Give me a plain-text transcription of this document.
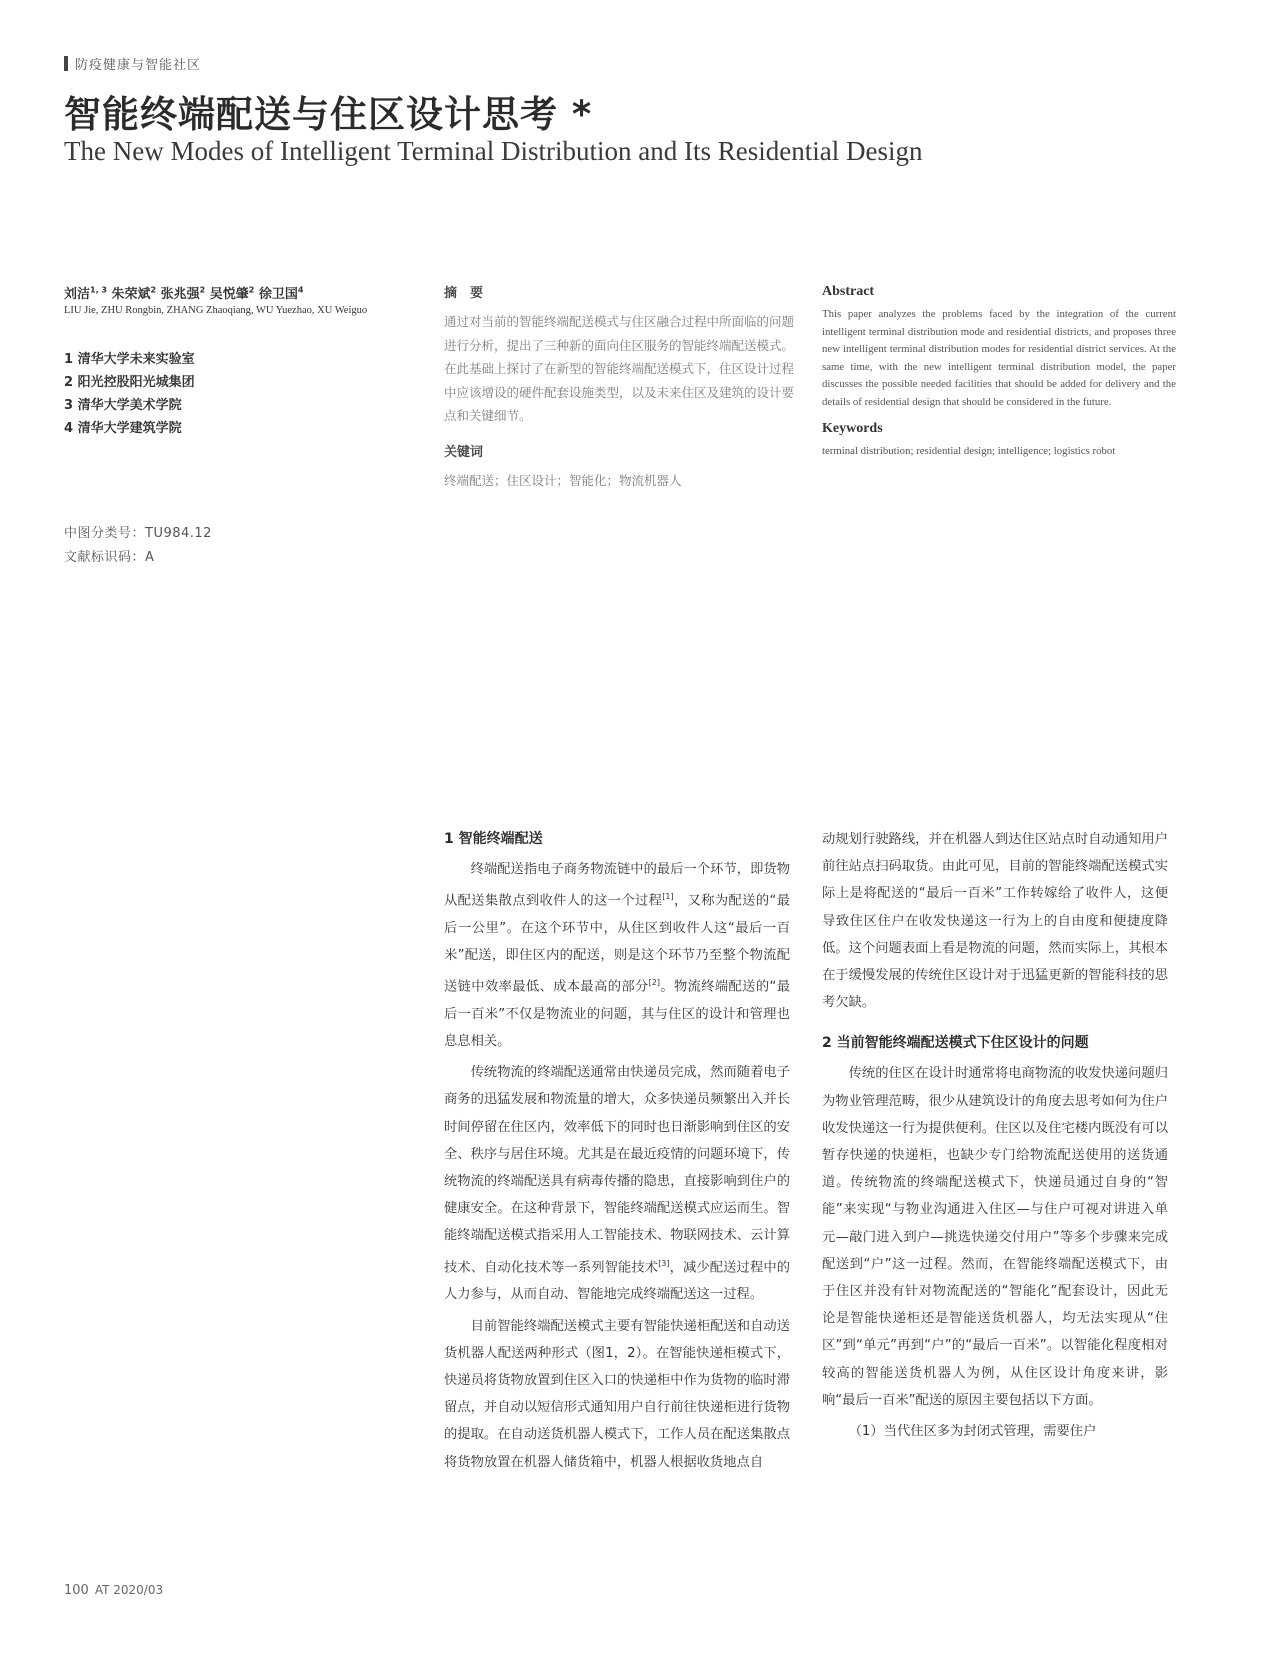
防疫健康与智能社区
智能终端配送与住区设计思考 *
The New Modes of Intelligent Terminal Distribution and Its Residential Design
刘洁$^{1, 3}$ 朱荣斌$^2$ 张兆强$^2$ 吴悦肇$^2$ 徐卫国$^4$
LIU Jie, ZHU Rongbin, ZHANG Zhaoqiang, WU Yuezhao, XU Weiguo
1 清华大学未来实验室
2 阳光控股阳光城集团
3 清华大学美术学院
4 清华大学建筑学院
中图分类号：TU984.12
文献标识码：A
摘　要

通过对当前的智能终端配送模式与住区融合过程中所面临的问题进行分析，提出了三种新的面向住区服务的智能终端配送模式。在此基础上探讨了在新型的智能终端配送模式下，住区设计过程中应该增设的硬件配套设施类型，以及未来住区及建筑的设计要点和关键细节。

关键词

终端配送；住区设计；智能化；物流机器人

Abstract

This paper analyzes the problems faced by the integration of the current intelligent terminal distribution mode and residential districts, and proposes three new intelligent terminal distribution modes for residential district services. At the same time, with the new intelligent terminal distribution model, the paper discusses the possible needed facilities that should be added for delivery and the details of residential design that should be considered in the future.

Keywords

terminal distribution; residential design; intelligence; logistics robot

1 智能终端配送

终端配送指电子商务物流链中的最后一个环节，即货物从配送集散点到收件人的这一个过程[1]，又称为配送的“最后一公里”。在这个环节中，从住区到收件人这“最后一百米”配送，即住区内的配送，则是这个环节乃至整个物流配送链中效率最低、成本最高的部分[2]。物流终端配送的“最后一百米”不仅是物流业的问题，其与住区的设计和管理也息息相关。

传统物流的终端配送通常由快递员完成，然而随着电子商务的迅猛发展和物流量的增大，众多快递员频繁出入并长时间停留在住区内，效率低下的同时也日渐影响到住区的安全、秩序与居住环境。尤其是在最近疫情的问题环境下，传统物流的终端配送具有病毒传播的隐患，直接影响到住户的健康安全。在这种背景下，智能终端配送模式应运而生。智能终端配送模式指采用人工智能技术、物联网技术、云计算技术、自动化技术等一系列智能技术[3]，减少配送过程中的人力参与，从而自动、智能地完成终端配送这一过程。

目前智能终端配送模式主要有智能快递柜配送和自动送货机器人配送两种形式（图1，2）。在智能快递柜模式下，快递员将货物放置到住区入口的快递柜中作为货物的临时滞留点，并自动以短信形式通知用户自行前往快递柜进行货物的提取。在自动送货机器人模式下，工作人员在配送集散点将货物放置在机器人储货箱中，机器人根据收货地点自

动规划行驶路线，并在机器人到达住区站点时自动通知用户前往站点扫码取货。由此可见，目前的智能终端配送模式实际上是将配送的“最后一百米”工作转嫁给了收件人，这便导致住区住户在收发快递这一行为上的自由度和便捷度降低。这个问题表面上看是物流的问题，然而实际上，其根本在于缓慢发展的传统住区设计对于迅猛更新的智能科技的思考欠缺。

2 当前智能终端配送模式下住区设计的问题

传统的住区在设计时通常将电商物流的收发快递问题归为物业管理范畴，很少从建筑设计的角度去思考如何为住户收发快递这一行为提供便利。住区以及住宅楼内既没有可以暂存快递的快递柜，也缺少专门给物流配送使用的送货通道。传统物流的终端配送模式下，快递员通过自身的“智能”来实现“与物业沟通进入住区—与住户可视对讲进入单元—敲门进入到户—挑选快递交付用户”等多个步骤来完成配送到“户”这一过程。然而，在智能终端配送模式下，由于住区并没有针对物流配送的“智能化”配套设计，因此无论是智能快递柜还是智能送货机器人，均无法实现从“住区”到“单元”再到“户”的“最后一百米”。以智能化程度相对较高的智能送货机器人为例，从住区设计角度来讲，影响“最后一百米”配送的原因主要包括以下方面。

（1）当代住区多为封闭式管理，需要住户

100 AT 2020/03
